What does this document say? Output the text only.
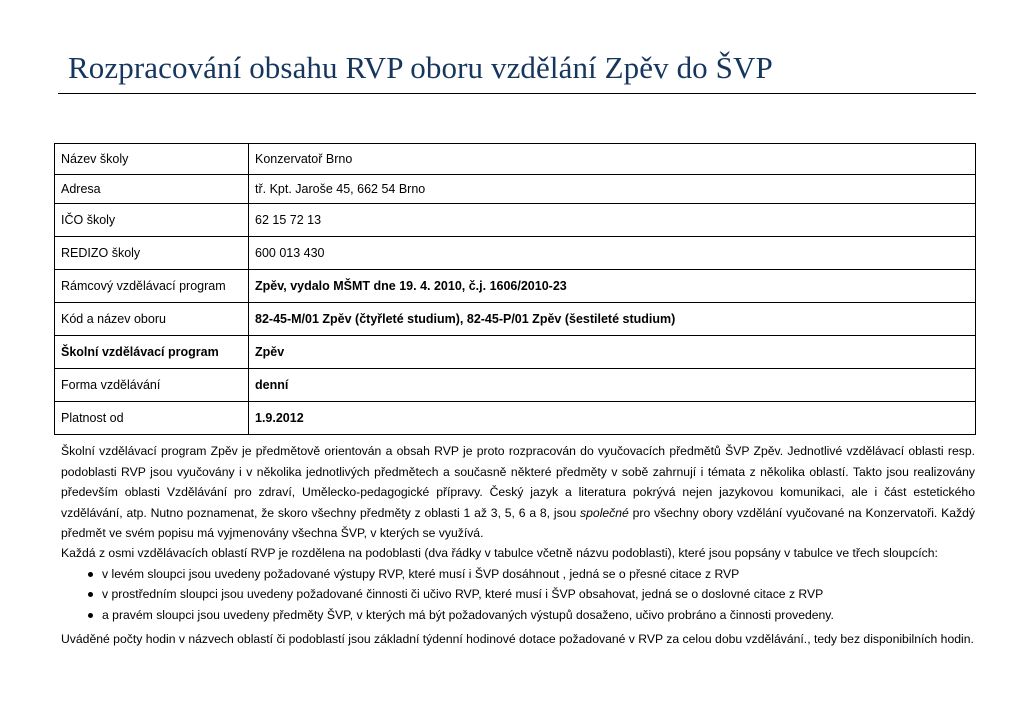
Rozpracování obsahu RVP oboru vzdělání Zpěv do ŠVP
Název školy	Konzervatoř Brno
Adresa	tř. Kpt. Jaroše 45, 662 54 Brno
IČO školy	62 15 72 13
REDIZO školy	600 013 430
Rámcový vzdělávací program	Zpěv, vydalo MŠMT dne 19. 4. 2010, č.j. 1606/2010-23
Kód a název oboru	82-45-M/01 Zpěv (čtyřleté studium), 82-45-P/01 Zpěv (šestileté studium)
Školní vzdělávací program	Zpěv
Forma vzdělávání	denní
Platnost od	1.9.2012
Školní vzdělávací program Zpěv je předmětově orientován a obsah RVP je proto rozpracován do vyučovacích předmětů ŠVP Zpěv. Jednotlivé vzdělávací oblasti resp. podoblasti RVP jsou vyučovány i v několika jednotlivých předmětech a současně některé předměty v sobě zahrnují i témata z několika oblastí. Takto jsou realizovány především oblasti Vzdělávání pro zdraví, Umělecko-pedagogické přípravy. Český jazyk a literatura pokrývá nejen jazykovou komunikaci, ale i část estetického vzdělávání, atp. Nutno poznamenat, že skoro všechny předměty z oblasti 1 až 3, 5, 6 a 8, jsou společné pro všechny obory vzdělání vyučované na Konzervatoři. Každý předmět ve svém popisu má vyjmenovány všechna ŠVP, v kterých se využívá.
Každá z osmi vzdělávacích oblastí RVP je rozdělena na podoblasti (dva řádky v tabulce včetně názvu podoblasti), které jsou popsány v tabulce ve třech sloupcích:
v levém sloupci jsou uvedeny požadované výstupy RVP, které musí i ŠVP dosáhnout , jedná se o přesné citace z RVP
v prostředním sloupci jsou uvedeny požadované činnosti či učivo RVP, které musí i ŠVP obsahovat, jedná se o doslovné citace z RVP
a pravém sloupci jsou uvedeny předměty ŠVP, v kterých má být požadovaných výstupů dosaženo, učivo probráno a činnosti provedeny.
Uváděné počty hodin v názvech oblastí či podoblastí jsou základní týdenní hodinové dotace požadované v RVP za celou dobu vzdělávání., tedy bez disponibilních hodin.
